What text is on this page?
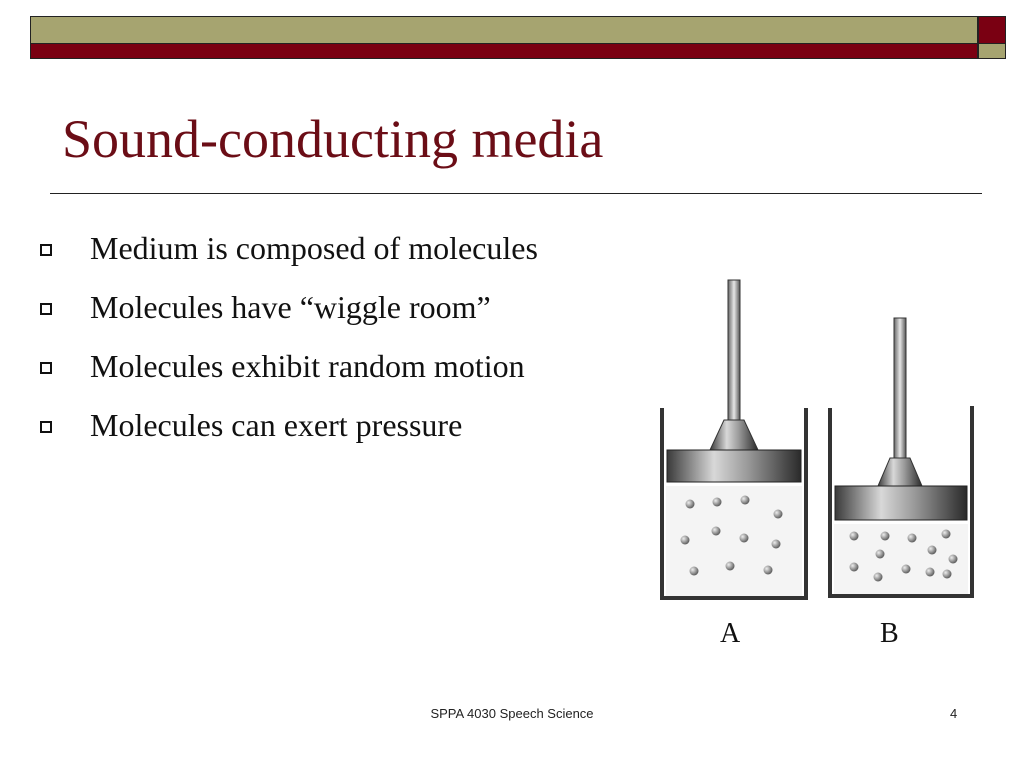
Sound-conducting media
Medium is composed of molecules
Molecules have “wiggle room”
Molecules exhibit random motion
Molecules can exert pressure
A	B
SPPA 4030 Speech Science	4
